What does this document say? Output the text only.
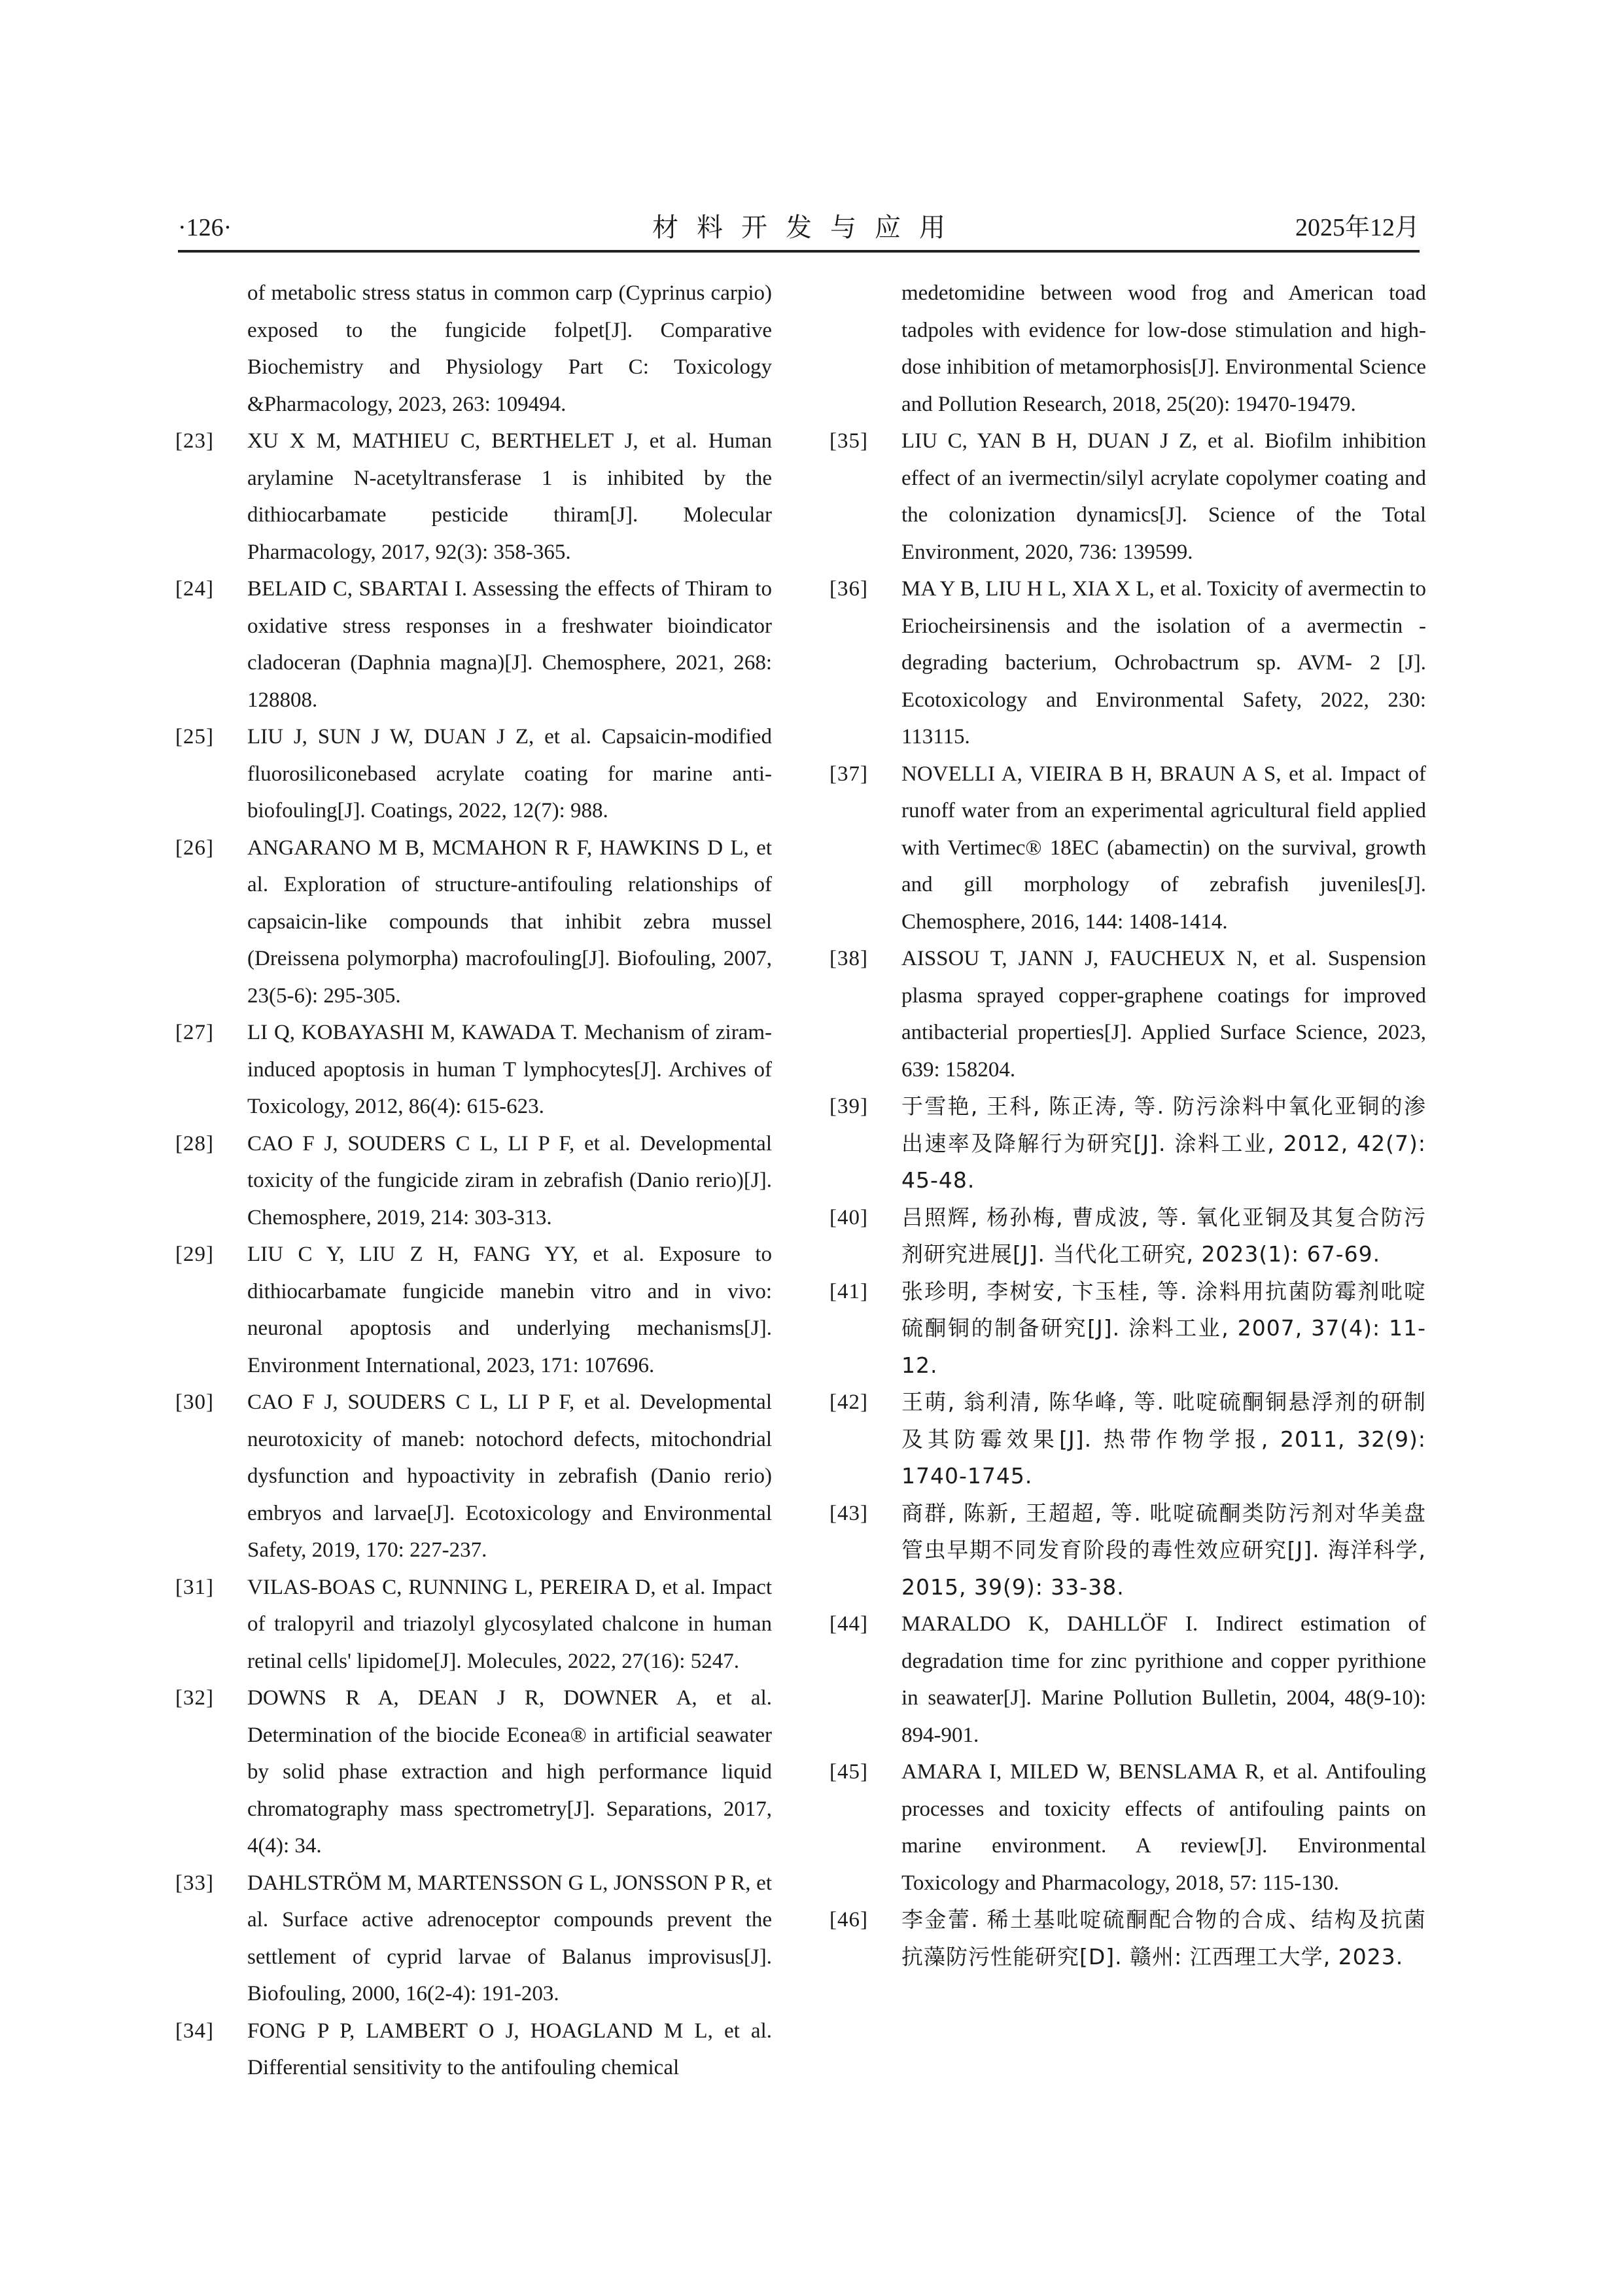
·126·	材料开发与应用	2025年12月
of metabolic stress status in common carp (Cyprinus carpio) exposed to the fungicide folpet[J]. Comparative Biochemistry and Physiology Part C: Toxicology &Pharmacology, 2023, 263: 109494.
[23]	XU X M, MATHIEU C, BERTHELET J, et al. Human arylamine N-acetyltransferase 1 is inhibited by the dithiocarbamate pesticide thiram[J]. Molecular Pharmacology, 2017, 92(3): 358-365.
[24]	BELAID C, SBARTAI I. Assessing the effects of Thiram to oxidative stress responses in a freshwater bioindicator cladoceran (Daphnia magna)[J]. Chemosphere, 2021, 268: 128808.
[25]	LIU J, SUN J W, DUAN J Z, et al. Capsaicin-modified fluorosiliconebased acrylate coating for marine anti-biofouling[J]. Coatings, 2022, 12(7): 988.
[26]	ANGARANO M B, MCMAHON R F, HAWKINS D L, et al. Exploration of structure-antifouling relationships of capsaicin-like compounds that inhibit zebra mussel (Dreissena polymorpha) macrofouling[J]. Biofouling, 2007, 23(5-6): 295-305.
[27]	LI Q, KOBAYASHI M, KAWADA T. Mechanism of ziram-induced apoptosis in human T lymphocytes[J]. Archives of Toxicology, 2012, 86(4): 615-623.
[28]	CAO F J, SOUDERS C L, LI P F, et al. Developmental toxicity of the fungicide ziram in zebrafish (Danio rerio)[J]. Chemosphere, 2019, 214: 303-313.
[29]	LIU C Y, LIU Z H, FANG YY, et al. Exposure to dithiocarbamate fungicide manebin vitro and in vivo: neuronal apoptosis and underlying mechanisms[J]. Environment International, 2023, 171: 107696.
[30]	CAO F J, SOUDERS C L, LI P F, et al. Developmental neurotoxicity of maneb: notochord defects, mitochondrial dysfunction and hypoactivity in zebrafish (Danio rerio) embryos and larvae[J]. Ecotoxicology and Environmental Safety, 2019, 170: 227-237.
[31]	VILAS-BOAS C, RUNNING L, PEREIRA D, et al. Impact of tralopyril and triazolyl glycosylated chalcone in human retinal cells' lipidome[J]. Molecules, 2022, 27(16): 5247.
[32]	DOWNS R A, DEAN J R, DOWNER A, et al. Determination of the biocide Econea® in artificial seawater by solid phase extraction and high performance liquid chromatography mass spectrometry[J]. Separations, 2017, 4(4): 34.
[33]	DAHLSTRÖM M, MARTENSSON G L, JONSSON P R, et al. Surface active adrenoceptor compounds prevent the settlement of cyprid larvae of Balanus improvisus[J]. Biofouling, 2000, 16(2-4): 191-203.
[34]	FONG P P, LAMBERT O J, HOAGLAND M L, et al. Differential sensitivity to the antifouling chemical
medetomidine between wood frog and American toad tadpoles with evidence for low-dose stimulation and high-dose inhibition of metamorphosis[J]. Environmental Science and Pollution Research, 2018, 25(20): 19470-19479.
[35]	LIU C, YAN B H, DUAN J Z, et al. Biofilm inhibition effect of an ivermectin/silyl acrylate copolymer coating and the colonization dynamics[J]. Science of the Total Environment, 2020, 736: 139599.
[36]	MA Y B, LIU H L, XIA X L, et al. Toxicity of avermectin to Eriocheirsinensis and the isolation of a avermectin - degrading bacterium, Ochrobactrum sp. AVM- 2 [J]. Ecotoxicology and Environmental Safety, 2022, 230: 113115.
[37]	NOVELLI A, VIEIRA B H, BRAUN A S, et al. Impact of runoff water from an experimental agricultural field applied with Vertimec® 18EC (abamectin) on the survival, growth and gill morphology of zebrafish juveniles[J]. Chemosphere, 2016, 144: 1408-1414.
[38]	AISSOU T, JANN J, FAUCHEUX N, et al. Suspension plasma sprayed copper-graphene coatings for improved antibacterial properties[J]. Applied Surface Science, 2023, 639: 158204.
[39]	于雪艳, 王科, 陈正涛, 等. 防污涂料中氧化亚铜的渗出速率及降解行为研究[J]. 涂料工业, 2012, 42(7): 45-48.
[40]	吕照辉, 杨孙梅, 曹成波, 等. 氧化亚铜及其复合防污剂研究进展[J]. 当代化工研究, 2023(1): 67-69.
[41]	张珍明, 李树安, 卞玉桂, 等. 涂料用抗菌防霉剂吡啶硫酮铜的制备研究[J]. 涂料工业, 2007, 37(4): 11-12.
[42]	王萌, 翁利清, 陈华峰, 等. 吡啶硫酮铜悬浮剂的研制及其防霉效果[J]. 热带作物学报, 2011, 32(9): 1740-1745.
[43]	商群, 陈新, 王超超, 等. 吡啶硫酮类防污剂对华美盘管虫早期不同发育阶段的毒性效应研究[J]. 海洋科学, 2015, 39(9): 33-38.
[44]	MARALDO K, DAHLLÖF I. Indirect estimation of degradation time for zinc pyrithione and copper pyrithione in seawater[J]. Marine Pollution Bulletin, 2004, 48(9-10): 894-901.
[45]	AMARA I, MILED W, BENSLAMA R, et al. Antifouling processes and toxicity effects of antifouling paints on marine environment. A review[J]. Environmental Toxicology and Pharmacology, 2018, 57: 115-130.
[46]	李金蕾. 稀土基吡啶硫酮配合物的合成、结构及抗菌抗藻防污性能研究[D]. 赣州: 江西理工大学, 2023.
